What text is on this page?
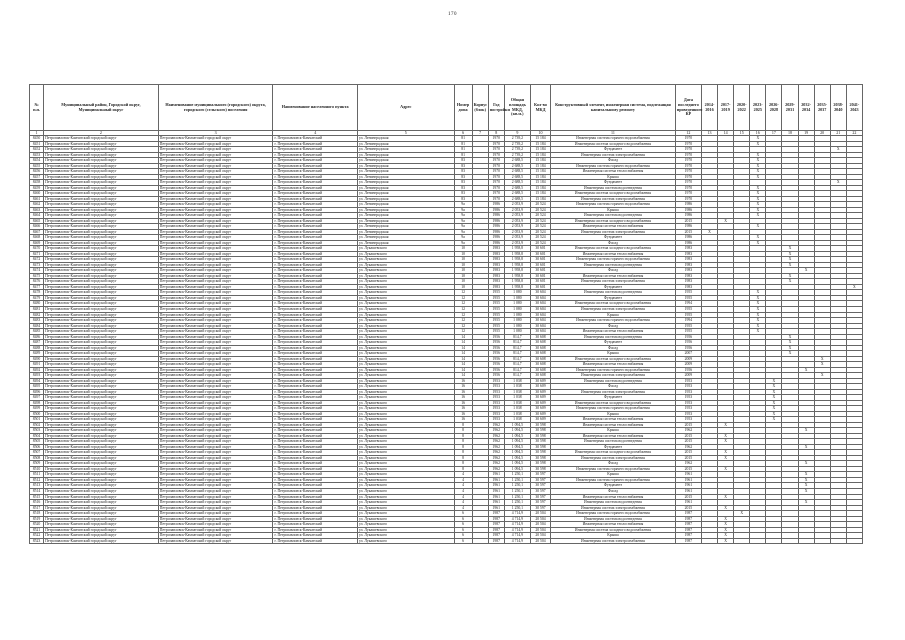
170
№ п.п.	Муниципальный район, Городской округ, Муниципальный округ	Наименование муниципального (городского) округа, городского (сельского) поселения	Наименование населенного пункта	Адрес	Номер дома	Корпус (блок)	Год постройки	Общая площадь МКД, (кв.м.)	Кол-во МКД	Конструктивный элемент, инженерная система, подлежащая капитальному ремонту	Дата последнего проведенного КР	2014-2016	2017-2019	2020-2022	2023-2025	2026-2028	2029-2031	2032-2034	2035-2037	2038-2040	2041-2043
1	2	3	4	5	6	7	8	9	10	11	12	13	14	15	16	17	18	19	20	21	22
8450	Петропавловск-Камчатский городской округ	Петропавловск-Камчатский городской округ	г. Петропавловск-Камчатский	ул. Ленинградская	81		1970	2 739,2	15 184	Инженерная система горячего водоснабжения	1970				X						
8451	Петропавловск-Камчатский городской округ	Петропавловск-Камчатский городской округ	г. Петропавловск-Камчатский	ул. Ленинградская	81		1970	2 739,2	15 184	Инженерная система холодного водоснабжения	1970				X						
8452	Петропавловск-Камчатский городской округ	Петропавловск-Камчатский городской округ	г. Петропавловск-Камчатский	ул. Ленинградская	81		1970	2 739,2	15 184	Фундамент	1970									X	
8453	Петропавловск-Камчатский городской округ	Петропавловск-Камчатский городской округ	г. Петропавловск-Камчатский	ул. Ленинградская	81		1970	2 739,2	15 184	Инженерная система электроснабжения	1970				X						
8454	Петропавловск-Камчатский городской округ	Петропавловск-Камчатский городской округ	г. Петропавловск-Камчатский	ул. Ленинградская	83		1970	2 688,5	15 184	Фасад	1970				X						
8455	Петропавловск-Камчатский городской округ	Петропавловск-Камчатский городской округ	г. Петропавловск-Камчатский	ул. Ленинградская	83		1970	2 688,5	15 184	Инженерная система горячего водоснабжения	1970				X						
8456	Петропавловск-Камчатский городской округ	Петропавловск-Камчатский городской округ	г. Петропавловск-Камчатский	ул. Ленинградская	83		1970	2 688,5	15 184	Инженерная система теплоснабжения	1970				X						
8457	Петропавловск-Камчатский городской округ	Петропавловск-Камчатский городской округ	г. Петропавловск-Камчатский	ул. Ленинградская	83		1970	2 688,5	15 184	Крыша	1970				X						
8458	Петропавловск-Камчатский городской округ	Петропавловск-Камчатский городской округ	г. Петропавловск-Камчатский	ул. Ленинградская	83		1970	2 688,5	15 184	Фундамент	1970									X	
8459	Петропавловск-Камчатский городской округ	Петропавловск-Камчатский городской округ	г. Петропавловск-Камчатский	ул. Ленинградская	83		1970	2 688,5	15 184	Инженерная система водоотведения	1970				X						
8460	Петропавловск-Камчатский городской округ	Петропавловск-Камчатский городской округ	г. Петропавловск-Камчатский	ул. Ленинградская	83		1970	2 688,5	15 184	Инженерная система холодного водоснабжения	1970				X						
8461	Петропавловск-Камчатский городской округ	Петропавловск-Камчатский городской округ	г. Петропавловск-Камчатский	ул. Ленинградская	83		1970	2 688,5	15 184	Инженерная система электроснабжения	1970				X						
8462	Петропавловск-Камчатский городской округ	Петропавловск-Камчатский городской округ	г. Петропавловск-Камчатский	ул. Ленинградская	9а		1986	2 053,9	20 524	Инженерная система горячего водоснабжения	1986				X						
8463	Петропавловск-Камчатский городской округ	Петропавловск-Камчатский городской округ	г. Петропавловск-Камчатский	ул. Ленинградская	9а		1986	2 053,9	20 524	Крыша	1986				X						
8464	Петропавловск-Камчатский городской округ	Петропавловск-Камчатский городской округ	г. Петропавловск-Камчатский	ул. Ленинградская	9а		1986	2 053,9	20 524	Инженерная система водоотведения	1986				X						
8465	Петропавловск-Камчатский городской округ	Петропавловск-Камчатский городской округ	г. Петропавловск-Камчатский	ул. Ленинградская	9а		1986	2 053,9	20 524	Инженерная система холодного водоснабжения	2015		X								
8466	Петропавловск-Камчатский городской округ	Петропавловск-Камчатский городской округ	г. Петропавловск-Камчатский	ул. Ленинградская	9а		1986	2 053,9	20 524	Инженерная система теплоснабжения	1986				X						
8467	Петропавловск-Камчатский городской округ	Петропавловск-Камчатский городской округ	г. Петропавловск-Камчатский	ул. Ленинградская	9а		1986	2 053,9	20 524	Инженерная система электроснабжения	2015	X									
8468	Петропавловск-Камчатский городской округ	Петропавловск-Камчатский городской округ	г. Петропавловск-Камчатский	ул. Ленинградская	9а		1986	2 053,9	20 524	Фундамент	1986				X						
8469	Петропавловск-Камчатский городской округ	Петропавловск-Камчатский городской округ	г. Петропавловск-Камчатский	ул. Ленинградская	9а		1986	2 053,9	20 524	Фасад	1986				X						
8470	Петропавловск-Камчатский городской округ	Петропавловск-Камчатский городской округ	г. Петропавловск-Камчатский	ул. Лукашевского	10		1983	1 958,8	30 601	Инженерная система холодного водоснабжения	1983						X				
8471	Петропавловск-Камчатский городской округ	Петропавловск-Камчатский городской округ	г. Петропавловск-Камчатский	ул. Лукашевского	10		1983	1 958,8	30 601	Инженерная система теплоснабжения	1983						X				
8472	Петропавловск-Камчатский городской округ	Петропавловск-Камчатский городской округ	г. Петропавловск-Камчатский	ул. Лукашевского	10		1983	1 958,8	30 601	Инженерная система горячего водоснабжения	1983						X				
8473	Петропавловск-Камчатский городской округ	Петропавловск-Камчатский городской округ	г. Петропавловск-Камчатский	ул. Лукашевского	10		1983	1 958,8	30 601	Инженерная система водоотведения	1983						X				
8474	Петропавловск-Камчатский городской округ	Петропавловск-Камчатский городской округ	г. Петропавловск-Камчатский	ул. Лукашевского	10		1983	1 958,8	30 601	Фасад	1983							X			
8475	Петропавловск-Камчатский городской округ	Петропавловск-Камчатский городской округ	г. Петропавловск-Камчатский	ул. Лукашевского	10		1983	1 958,8	30 601	Инженерная система теплоснабжения	1983						X				
8476	Петропавловск-Камчатский городской округ	Петропавловск-Камчатский городской округ	г. Петропавловск-Камчатский	ул. Лукашевского	10		1983	1 958,8	30 601	Инженерная система электроснабжения	1983						X				
8477	Петропавловск-Камчатский городской округ	Петропавловск-Камчатский городской округ	г. Петропавловск-Камчатский	ул. Лукашевского	10		1983	1 958,8	30 601	Фундамент	1983										X
8478	Петропавловск-Камчатский городской округ	Петропавловск-Камчатский городской округ	г. Петропавловск-Камчатский	ул. Лукашевского	12		1955	1 080	30 604	Инженерная система водоотведения	1955				X						
8479	Петропавловск-Камчатский городской округ	Петропавловск-Камчатский городской округ	г. Петропавловск-Камчатский	ул. Лукашевского	12		1955	1 080	30 604	Фундамент	1955				X						
8480	Петропавловск-Камчатский городской округ	Петропавловск-Камчатский городской округ	г. Петропавловск-Камчатский	ул. Лукашевского	12		1955	1 080	30 604	Инженерная система холодного водоснабжения	1994				X						
8481	Петропавловск-Камчатский городской округ	Петропавловск-Камчатский городской округ	г. Петропавловск-Камчатский	ул. Лукашевского	12		1955	1 080	30 604	Инженерная система электроснабжения	1955				X						
8482	Петропавловск-Камчатский городской округ	Петропавловск-Камчатский городской округ	г. Петропавловск-Камчатский	ул. Лукашевского	12		1955	1 080	30 604	Крыша	1955				X						
8483	Петропавловск-Камчатский городской округ	Петропавловск-Камчатский городской округ	г. Петропавловск-Камчатский	ул. Лукашевского	12		1955	1 080	30 604	Инженерная система горячего водоснабжения	1994				X						
8484	Петропавловск-Камчатский городской округ	Петропавловск-Камчатский городской округ	г. Петропавловск-Камчатский	ул. Лукашевского	12		1955	1 080	30 604	Фасад	1955				X						
8485	Петропавловск-Камчатский городской округ	Петропавловск-Камчатский городской округ	г. Петропавловск-Камчатский	ул. Лукашевского	12		1955	1 080	30 604	Инженерная система теплоснабжения	1955				X						
8486	Петропавловск-Камчатский городской округ	Петропавловск-Камчатский городской округ	г. Петропавловск-Камчатский	ул. Лукашевского	14		1956	814,7	30 608	Инженерная система водоотведения	1956						X				
8487	Петропавловск-Камчатский городской округ	Петропавловск-Камчатский городской округ	г. Петропавловск-Камчатский	ул. Лукашевского	14		1956	814,7	30 608	Фундамент	1956						X				
8488	Петропавловск-Камчатский городской округ	Петропавловск-Камчатский городской округ	г. Петропавловск-Камчатский	ул. Лукашевского	14		1956	814,7	30 608	Фасад	1956						X				
8489	Петропавловск-Камчатский городской округ	Петропавловск-Камчатский городской округ	г. Петропавловск-Камчатский	ул. Лукашевского	14		1956	814,7	30 608	Крыша	2007						X				
8490	Петропавловск-Камчатский городской округ	Петропавловск-Камчатский городской округ	г. Петропавловск-Камчатский	ул. Лукашевского	14		1956	814,7	30 608	Инженерная система холодного водоснабжения	2009								X		
8491	Петропавловск-Камчатский городской округ	Петропавловск-Камчатский городской округ	г. Петропавловск-Камчатский	ул. Лукашевского	14		1956	814,7	30 608	Инженерная система теплоснабжения	2009								X		
8492	Петропавловск-Камчатский городской округ	Петропавловск-Камчатский городской округ	г. Петропавловск-Камчатский	ул. Лукашевского	14		1956	814,7	30 608	Инженерная система горячего водоснабжения	1956							X			
8493	Петропавловск-Камчатский городской округ	Петропавловск-Камчатский городской округ	г. Петропавловск-Камчатский	ул. Лукашевского	14		1956	814,7	30 608	Инженерная система электроснабжения	2009								X		
8494	Петропавловск-Камчатский городской округ	Петропавловск-Камчатский городской округ	г. Петропавловск-Камчатский	ул. Лукашевского	16		1953	1 038	30 609	Инженерная система водоотведения	1953					X					
8495	Петропавловск-Камчатский городской округ	Петропавловск-Камчатский городской округ	г. Петропавловск-Камчатский	ул. Лукашевского	16		1953	1 038	30 609	Фасад	1953					X					
8496	Петропавловск-Камчатский городской округ	Петропавловск-Камчатский городской округ	г. Петропавловск-Камчатский	ул. Лукашевского	16		1953	1 038	30 609	Инженерная система электроснабжения	1953					X					
8497	Петропавловск-Камчатский городской округ	Петропавловск-Камчатский городской округ	г. Петропавловск-Камчатский	ул. Лукашевского	16		1953	1 038	30 609	Фундамент	1953					X					
8498	Петропавловск-Камчатский городской округ	Петропавловск-Камчатский городской округ	г. Петропавловск-Камчатский	ул. Лукашевского	16		1953	1 038	30 609	Инженерная система холодного водоснабжения	1953					X					
8499	Петропавловск-Камчатский городской округ	Петропавловск-Камчатский городской округ	г. Петропавловск-Камчатский	ул. Лукашевского	16		1953	1 038	30 609	Инженерная система горячего водоснабжения	1953					X					
8500	Петропавловск-Камчатский городской округ	Петропавловск-Камчатский городской округ	г. Петропавловск-Камчатский	ул. Лукашевского	16		1953	1 038	30 609	Крыша	1953					X					
8501	Петропавловск-Камчатский городской округ	Петропавловск-Камчатский городской округ	г. Петропавловск-Камчатский	ул. Лукашевского	16		1953	1 038	30 609	Инженерная система теплоснабжения	1953					X					
8502	Петропавловск-Камчатский городской округ	Петропавловск-Камчатский городской округ	г. Петропавловск-Камчатский	ул. Лукашевского	8		1962	1 094,5	30 598	Инженерная система теплоснабжения	2015		X								
8503	Петропавловск-Камчатский городской округ	Петропавловск-Камчатский городской округ	г. Петропавловск-Камчатский	ул. Лукашевского	8		1962	1 094,5	30 598	Крыша	1962							X			
8504	Петропавловск-Камчатский городской округ	Петропавловск-Камчатский городской округ	г. Петропавловск-Камчатский	ул. Лукашевского	8		1962	1 094,5	30 598	Инженерная система теплоснабжения	2015		X								
8505	Петропавловск-Камчатский городской округ	Петропавловск-Камчатский городской округ	г. Петропавловск-Камчатский	ул. Лукашевского	8		1962	1 094,5	30 598	Инженерная система водоотведения	2015		X								
8506	Петропавловск-Камчатский городской округ	Петропавловск-Камчатский городской округ	г. Петропавловск-Камчатский	ул. Лукашевского	8		1962	1 094,5	30 598	Фундамент	1962							X			
8507	Петропавловск-Камчатский городской округ	Петропавловск-Камчатский городской округ	г. Петропавловск-Камчатский	ул. Лукашевского	8		1962	1 094,5	30 598	Инженерная система холодного водоснабжения	2015		X								
8508	Петропавловск-Камчатский городской округ	Петропавловск-Камчатский городской округ	г. Петропавловск-Камчатский	ул. Лукашевского	8		1962	1 094,5	30 598	Инженерная система электроснабжения	2015		X								
8509	Петропавловск-Камчатский городской округ	Петропавловск-Камчатский городской округ	г. Петропавловск-Камчатский	ул. Лукашевского	8		1962	1 094,5	30 598	Фасад	1962							X			
8510	Петропавловск-Камчатский городской округ	Петропавловск-Камчатский городской округ	г. Петропавловск-Камчатский	ул. Лукашевского	8		1962	1 094,5	30 598	Инженерная система горячего водоснабжения	2015		X								
8511	Петропавловск-Камчатский городской округ	Петропавловск-Камчатский городской округ	г. Петропавловск-Камчатский	ул. Лукашевского	4		1961	1 250,1	30 597	Крыша	1961							X			
8512	Петропавловск-Камчатский городской округ	Петропавловск-Камчатский городской округ	г. Петропавловск-Камчатский	ул. Лукашевского	4		1961	1 250,1	30 597	Инженерная система горячего водоснабжения	1961							X			
8513	Петропавловск-Камчатский городской округ	Петропавловск-Камчатский городской округ	г. Петропавловск-Камчатский	ул. Лукашевского	4		1961	1 250,1	30 597	Фундамент	1961							X			
8514	Петропавловск-Камчатский городской округ	Петропавловск-Камчатский городской округ	г. Петропавловск-Камчатский	ул. Лукашевского	4		1961	1 250,1	30 597	Фасад	1961							X			
8515	Петропавловск-Камчатский городской округ	Петропавловск-Камчатский городской округ	г. Петропавловск-Камчатский	ул. Лукашевского	4		1961	1 250,1	30 597	Инженерная система теплоснабжения	2015		X								
8516	Петропавловск-Камчатский городской округ	Петропавловск-Камчатский городской округ	г. Петропавловск-Камчатский	ул. Лукашевского	4		1961	1 250,1	30 597	Инженерная система водоотведения	1961							X			
8517	Петропавловск-Камчатский городской округ	Петропавловск-Камчатский городской округ	г. Петропавловск-Камчатский	ул. Лукашевского	4		1961	1 250,1	30 597	Инженерная система электроснабжения	2015		X								
8518	Петропавловск-Камчатский городской округ	Петропавловск-Камчатский городской округ	г. Петропавловск-Камчатский	ул. Лукашевского	6		1987	4 714,9	20 504	Инженерная система горячего водоснабжения	1987			X							
8519	Петропавловск-Камчатский городской округ	Петропавловск-Камчатский городской округ	г. Петропавловск-Камчатский	ул. Лукашевского	6		1987	4 714,9	20 504	Инженерная система водоотведения	1987		X								
8520	Петропавловск-Камчатский городской округ	Петропавловск-Камчатский городской округ	г. Петропавловск-Камчатский	ул. Лукашевского	6		1987	4 714,9	20 504	Инженерная система теплоснабжения	1987		X								
8521	Петропавловск-Камчатский городской округ	Петропавловск-Камчатский городской округ	г. Петропавловск-Камчатский	ул. Лукашевского	6		1987	4 714,9	20 504	Инженерная система холодного водоснабжения	1987		X								
8522	Петропавловск-Камчатский городской округ	Петропавловск-Камчатский городской округ	г. Петропавловск-Камчатский	ул. Лукашевского	6		1987	4 714,9	20 504	Крыша	1987		X								
8523	Петропавловск-Камчатский городской округ	Петропавловск-Камчатский городской округ	г. Петропавловск-Камчатский	ул. Лукашевского	6		1987	4 714,9	20 504	Инженерная система электроснабжения	1987		X								
